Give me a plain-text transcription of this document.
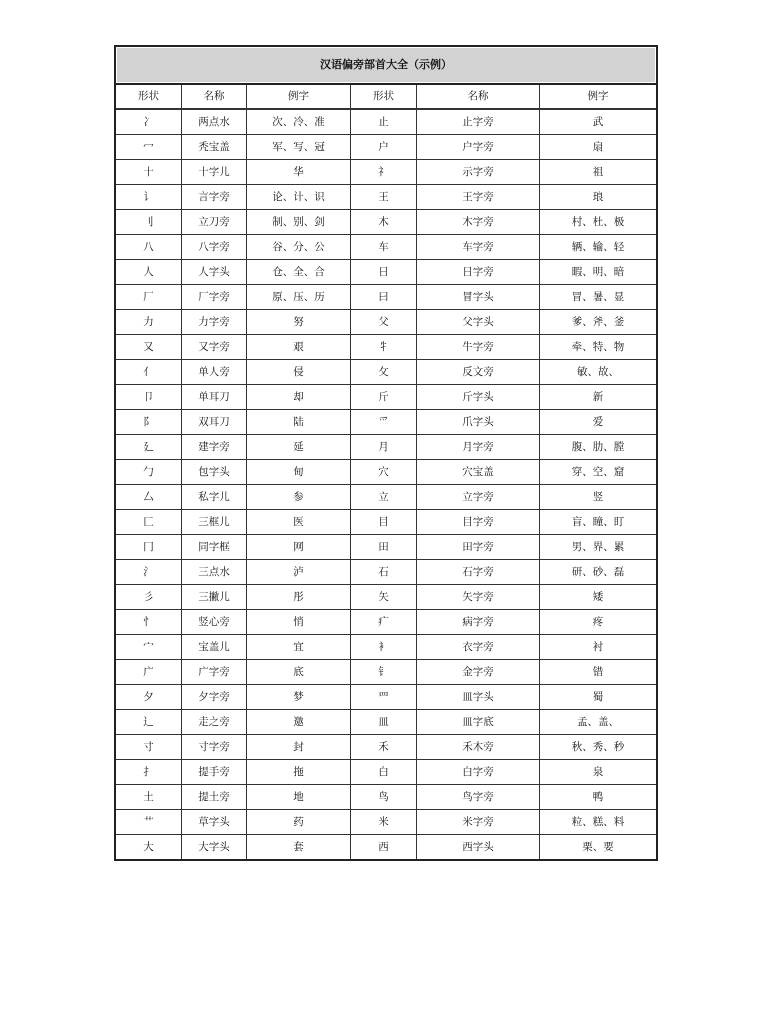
汉语偏旁部首大全（示例）					
形状	名称	例字	形状	名称	例字
冫	两点水	次、冷、准	止	止字旁	武
冖	秃宝盖	军、写、冠	户	户字旁	扇
十	十字儿	华	礻	示字旁	祖
讠	言字旁	论、计、识	王	王字旁	琅
刂	立刀旁	制、别、剑	木	木字旁	村、杜、极
八	八字旁	谷、分、公	车	车字旁	辆、输、轻
人	人字头	仓、全、合	日	日字旁	暇、明、暗
厂	厂字旁	原、压、历	曰	冒字头	冒、暑、显
力	力字旁	努	父	父字头	爹、斧、釜
又	又字旁	艰	牜	牛字旁	牵、特、物
亻	单人旁	侵	攵	反文旁	敏、故、
卩	单耳刀	却	斤	斤字头	新
阝	双耳刀	陆	爫	爪字头	爱
廴	建字旁	延	月	月字旁	腹、肋、膛
勹	包字头	甸	穴	穴宝盖	穿、空、窟
厶	私字儿	参	立	立字旁	竖
匚	三框儿	医	目	目字旁	盲、瞳、盯
冂	同字框	网	田	田字旁	男、界、累
氵	三点水	泸	石	石字旁	研、砂、磊
彡	三撇儿	彤	矢	矢字旁	矮
忄	竖心旁	悄	疒	病字旁	疼
宀	宝盖儿	宜	衤	衣字旁	衬
广	广字旁	底	钅	金字旁	错
夕	夕字旁	梦	罒	皿字头	蜀
辶	走之旁	邀	皿	皿字底	孟、盖、
寸	寸字旁	封	禾	禾木旁	秋、秀、秒
扌	提手旁	拖	白	白字旁	泉
土	提土旁	地	鸟	鸟字旁	鸭
艹	草字头	药	米	米字旁	粒、糕、料
大	大字头	套	西	西字头	栗、要
